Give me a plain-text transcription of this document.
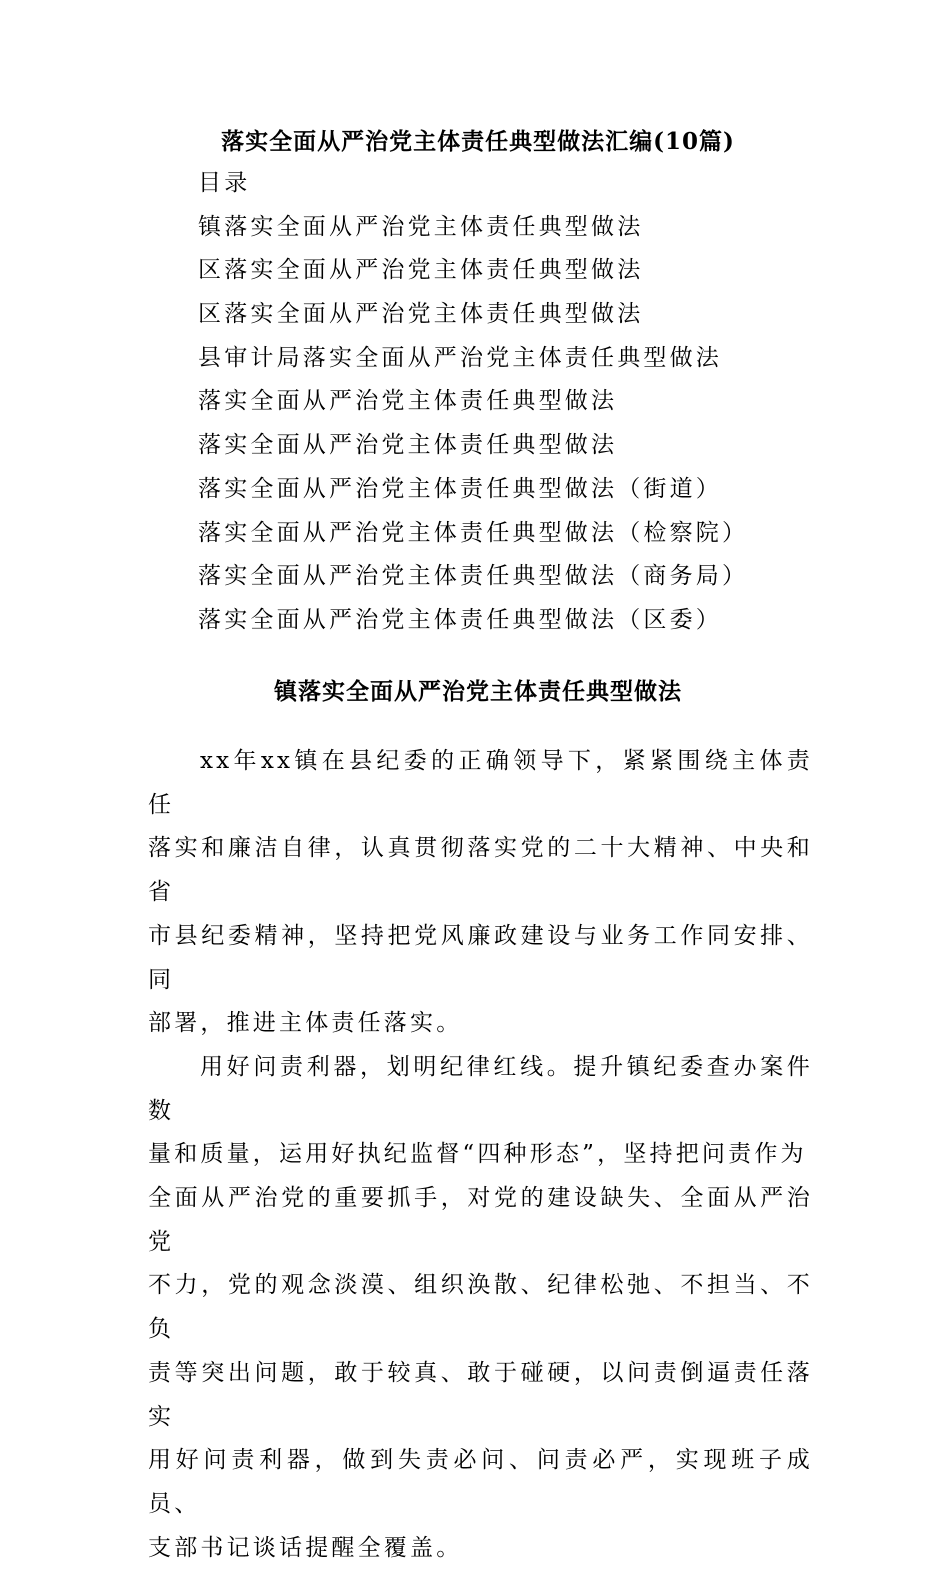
落实全面从严治党主体责任典型做法汇编(10篇)
目录
镇落实全面从严治党主体责任典型做法
区落实全面从严治党主体责任典型做法
区落实全面从严治党主体责任典型做法
县审计局落实全面从严治党主体责任典型做法
落实全面从严治党主体责任典型做法
落实全面从严治党主体责任典型做法
落实全面从严治党主体责任典型做法（街道）
落实全面从严治党主体责任典型做法（检察院）
落实全面从严治党主体责任典型做法（商务局）
落实全面从严治党主体责任典型做法（区委）
镇落实全面从严治党主体责任典型做法

xx年xx镇在县纪委的正确领导下，紧紧围绕主体责任
落实和廉洁自律，认真贯彻落实党的二十大精神、中央和省
市县纪委精神，坚持把党风廉政建设与业务工作同安排、同
部署，推进主体责任落实。

用好问责利器，划明纪律红线。提升镇纪委查办案件数
量和质量，运用好执纪监督“四种形态”，坚持把问责作为
全面从严治党的重要抓手，对党的建设缺失、全面从严治党
不力，党的观念淡漠、组织涣散、纪律松弛、不担当、不负
责等突出问题，敢于较真、敢于碰硬，以问责倒逼责任落实
用好问责利器，做到失责必问、问责必严，实现班子成员、
支部书记谈话提醒全覆盖。
